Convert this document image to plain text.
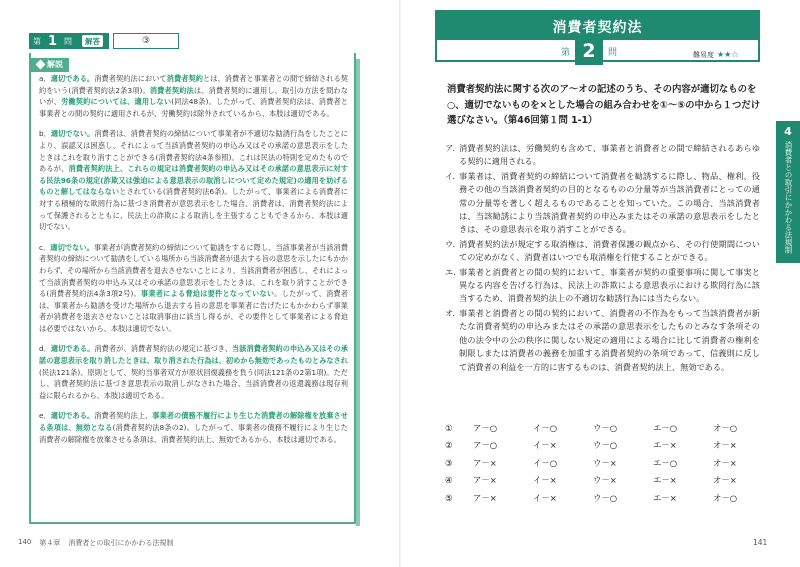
第 1 問	解答	③
解説
a．適切である。消費者契約法において消費者契約とは、消費者と事業者との間で締結される契約をいう(消費者契約法2条3項)。消費者契約法は、消費者契約に適用し、取引の方法を問わないが、労働契約については、適用しない(同法48条)。したがって、消費者契約法は、消費者と事業者との間の契約に適用されるが、労働契約は除外されているから、本肢は適切である。
b．適切でない。消費者は、消費者契約の締結について事業者が不適切な勧誘行為をしたことにより、誤認又は困惑し、それによって当該消費者契約の申込み又はその承諾の意思表示をしたときはこれを取り消すことができる(消費者契約法4条参照)。これは民法の特則を定めたものであるが、消費者契約法上、これらの規定は消費者契約の申込み又はその承諾の意思表示に対する民法96条の規定(詐欺又は強迫による意思表示の取消しについて定めた規定)の適用を妨げるものと解してはならないとされている(消費者契約法6条)。したがって、事業者による消費者に対する積極的な欺罔行為に基づき消費者が意思表示をした場合、消費者は、消費者契約法によって保護されるとともに、民法上の詐欺による取消しを主張することもできるから、本肢は適切でない。
c．適切でない。事業者が消費者契約の締結について勧誘をするに際し、当該事業者が当該消費者契約の締結について勧誘をしている場所から当該消費者が退去する旨の意思を示したにもかかわらず、その場所から当該消費者を退去させないことにより、当該消費者が困惑し、それによって当該消費者契約の申込み又はその承諾の意思表示をしたときは、これを取り消すことができる(消費者契約法4条3項2号)。事業者による脅迫は要件となっていない。したがって、消費者は、事業者から勧誘を受けた場所から退去する旨の意思を事業者に告げたにもかかわらず事業者が消費者を退去させないことは取消事由に該当し得るが、その要件として事業者による脅迫は必要ではないから、本肢は適切でない。
d．適切である。消費者が、消費者契約法の規定に基づき、当該消費者契約の申込み又はその承諾の意思表示を取り消したときは、取り消された行為は、初めから無効であったものとみなされ(民法121条)、原則として、契約当事者双方が原状回復義務を負う(同法121条の2第1項)。ただし、消費者契約法に基づき意思表示の取消しがなされた場合、当該消費者の返還義務は現存利益に限られるから、本肢は適切である。
e．適切である。消費者契約法上、事業者の債務不履行により生じた消費者の解除権を放棄させる条項は、無効となる(消費者契約法8条の2)。したがって、事業者の債務不履行により生じた消費者の解除権を放棄させる条項は、消費者契約法上、無効であるから、本肢は適切である。
140 第４章 消費者との取引にかかわる法規制
消費者契約法
第 2	問	難易度 ★★☆
消費者契約法に関する次のア〜オの記述のうち、その内容が適切なものを○、適切でないものを×とした場合の組み合わせを①〜⑤の中から１つだけ選びなさい。（第46回第１問 1-1）
ア．
消費者契約法は、労働契約も含めて、事業者と消費者との間で締結されるあらゆる契約に適用される。
イ．
事業者は、消費者契約の締結について消費者を勧誘するに際し、物品、権利、役務その他の当該消費者契約の目的となるものの分量等が当該消費者にとっての通常の分量等を著しく超えるものであることを知っていた。この場合、当該消費者は、当該勧誘により当該消費者契約の申込みまたはその承諾の意思表示をしたときは、その意思表示を取り消すことができる。
ウ．
消費者契約法が規定する取消権は、消費者保護の観点から、その行使期間についての定めがなく、消費者はいつでも取消権を行使することができる。
エ．
事業者と消費者との間の契約において、事業者が契約の重要事項に関して事実と異なる内容を告げる行為は、民法上の詐欺による意思表示における欺罔行為に該当するため、消費者契約法上の不適切な勧誘行為には当たらない。
オ．
事業者と消費者との間の契約において、消費者の不作為をもって当該消費者が新たな消費者契約の申込みまたはその承諾の意思表示をしたものとみなす条項その他の法令中の公の秩序に関しない規定の適用による場合に比して消費者の権利を制限しまたは消費者の義務を加重する消費者契約の条項であって、信義則に反して消費者の利益を一方的に害するものは、消費者契約法上、無効である。
①	ア－○	イ－○	ウ－○	エ－○	オ－○
②	ア－○	イ－×	ウ－○	エ－×	オ－×
③	ア－×	イ－○	ウ－×	エ－○	オ－×
④	ア－×	イ－×	ウ－×	エ－×	オ－×
⑤	ア－×	イ－×	ウ－○	エ－×	オ－○
4
消費者との取引にかかわる法規制
141
